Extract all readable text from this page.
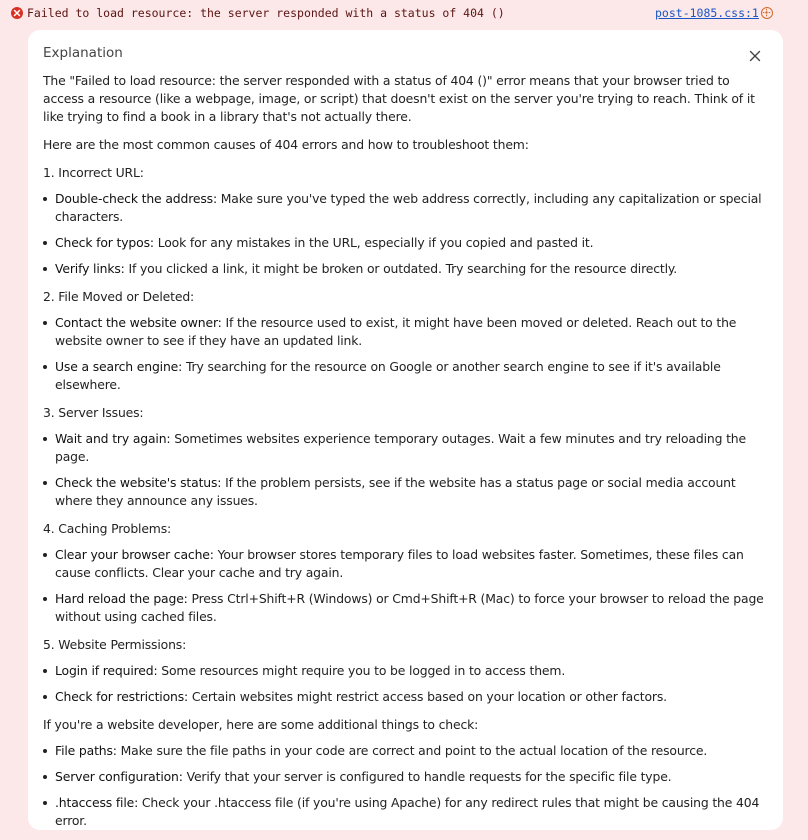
Failed to load resource: the server responded with a status of 404 ()	post-1085.css:1
Explanation

The "Failed to load resource: the server responded with a status of 404 ()" error means that your browser tried to access a resource (like a webpage, image, or script) that doesn't exist on the server you're trying to reach. Think of it like trying to find a book in a library that's not actually there.

Here are the most common causes of 404 errors and how to troubleshoot them:

1. Incorrect URL:

Double-check the address: Make sure you've typed the web address correctly, including any capitalization or special characters.
Check for typos: Look for any mistakes in the URL, especially if you copied and pasted it.
Verify links: If you clicked a link, it might be broken or outdated. Try searching for the resource directly.

2. File Moved or Deleted:

Contact the website owner: If the resource used to exist, it might have been moved or deleted. Reach out to the website owner to see if they have an updated link.
Use a search engine: Try searching for the resource on Google or another search engine to see if it's available elsewhere.

3. Server Issues:

Wait and try again: Sometimes websites experience temporary outages. Wait a few minutes and try reloading the page.
Check the website's status: If the problem persists, see if the website has a status page or social media account where they announce any issues.

4. Caching Problems:

Clear your browser cache: Your browser stores temporary files to load websites faster. Sometimes, these files can cause conflicts. Clear your cache and try again.
Hard reload the page: Press Ctrl+Shift+R (Windows) or Cmd+Shift+R (Mac) to force your browser to reload the page without using cached files.

5. Website Permissions:

Login if required: Some resources might require you to be logged in to access them.
Check for restrictions: Certain websites might restrict access based on your location or other factors.

If you're a website developer, here are some additional things to check:

File paths: Make sure the file paths in your code are correct and point to the actual location of the resource.
Server configuration: Verify that your server is configured to handle requests for the specific file type.
.htaccess file: Check your .htaccess file (if you're using Apache) for any redirect rules that might be causing the 404 error.
